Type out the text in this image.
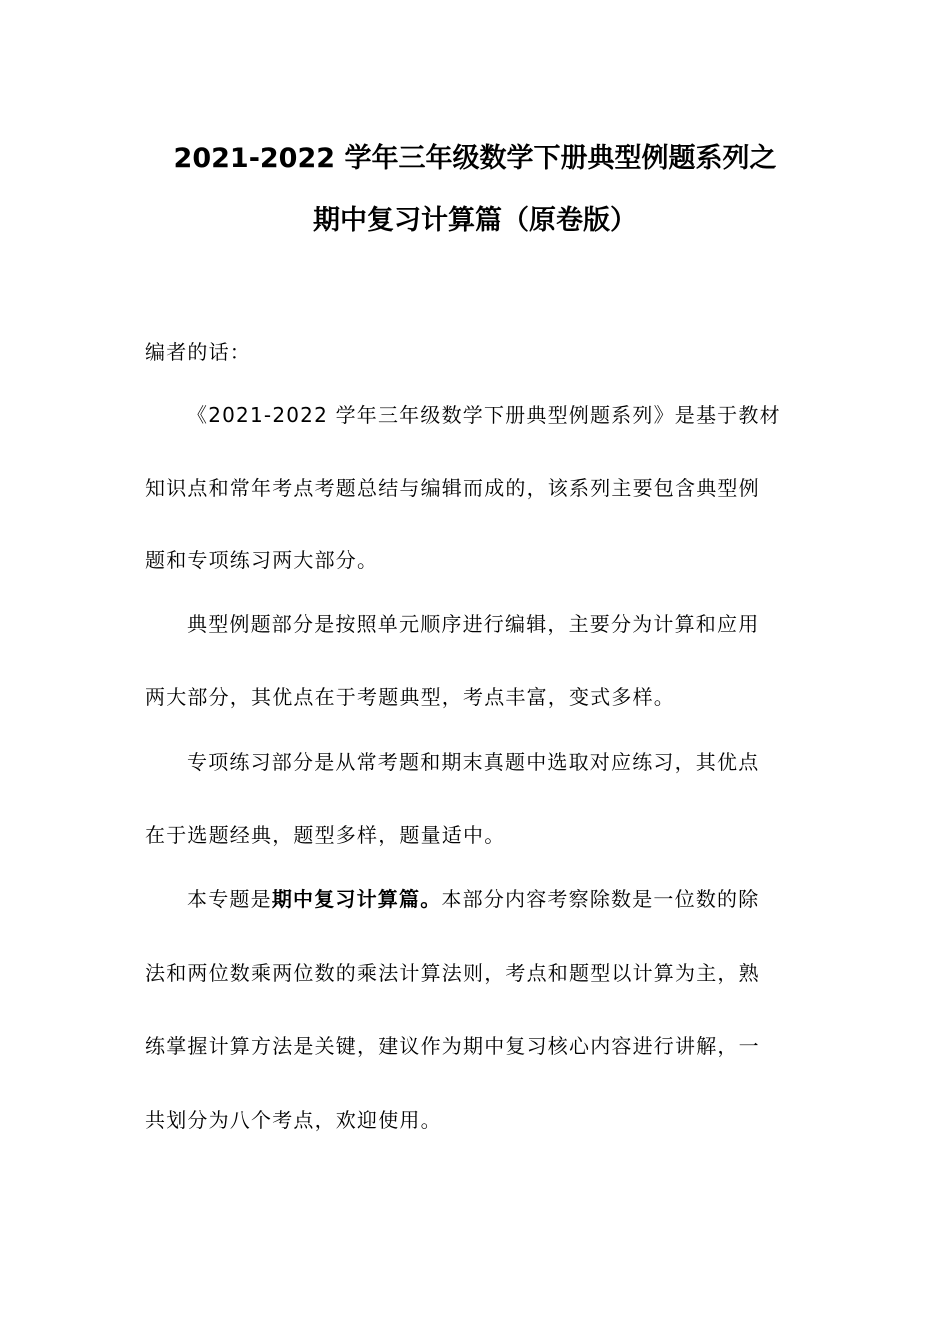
2021-2022 学年三年级数学下册典型例题系列之
期中复习计算篇（原卷版）
编者的话：
《2021-2022 学年三年级数学下册典型例题系列》是基于教材
知识点和常年考点考题总结与编辑而成的，该系列主要包含典型例
题和专项练习两大部分。
典型例题部分是按照单元顺序进行编辑，主要分为计算和应用
两大部分，其优点在于考题典型，考点丰富，变式多样。
专项练习部分是从常考题和期末真题中选取对应练习，其优点
在于选题经典，题型多样，题量适中。
本专题是期中复习计算篇。本部分内容考察除数是一位数的除
法和两位数乘两位数的乘法计算法则，考点和题型以计算为主，熟
练掌握计算方法是关键，建议作为期中复习核心内容进行讲解，一
共划分为八个考点，欢迎使用。
